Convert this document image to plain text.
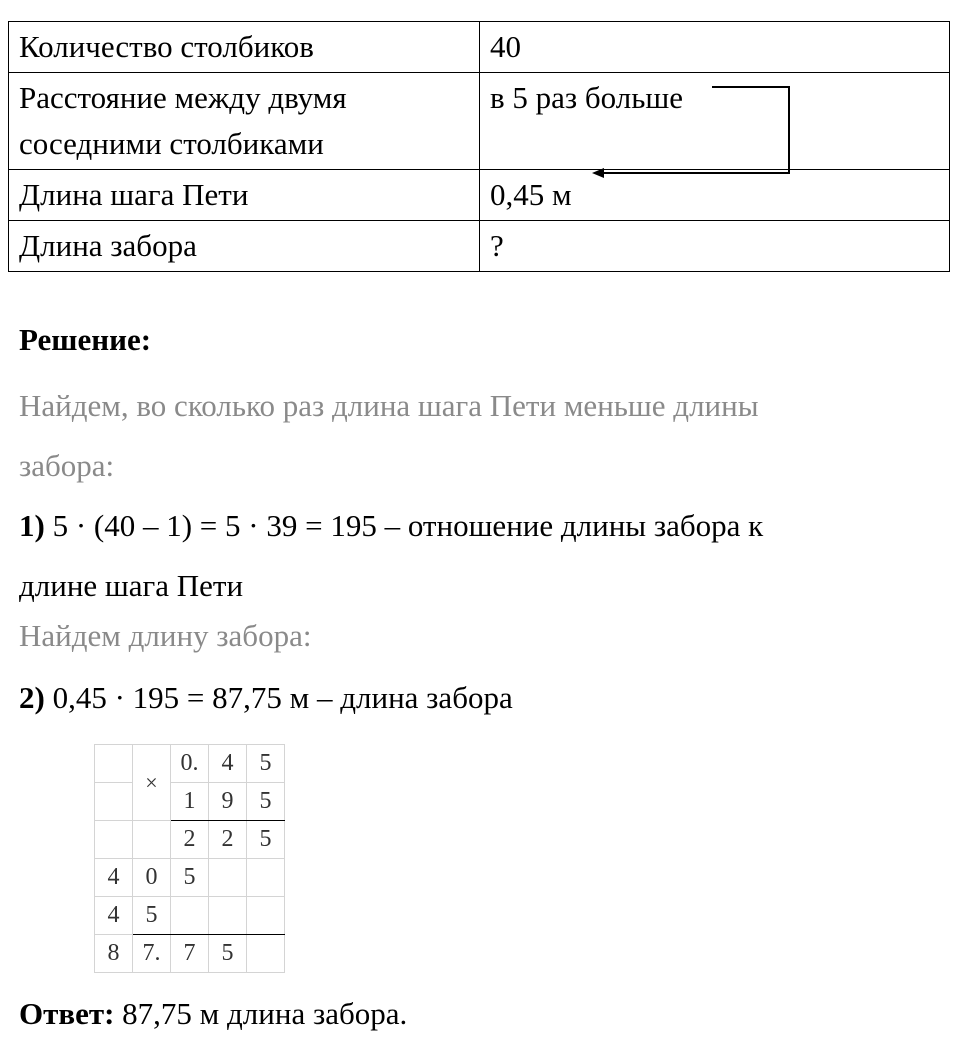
Количество столбиков	40
Расстояние между двумя
соседними столбиками	в 5 раз больше
Длина шага Пети	0,45 м
Длина забора	?
Решение:
Найдем, во сколько раз длина шага Пети меньше длины
забора:
1) 5 · (40 – 1) = 5 · 39 = 195 – отношение длины забора к
длине шага Пети
Найдем длину забора:
2) 0,45 · 195 = 87,75 м – длина забора
	×	0.	4	5
		1	9	5
		2	2	5
4	0	5		
4	5			
8	7.	7	5	
Ответ: 87,75 м длина забора.
